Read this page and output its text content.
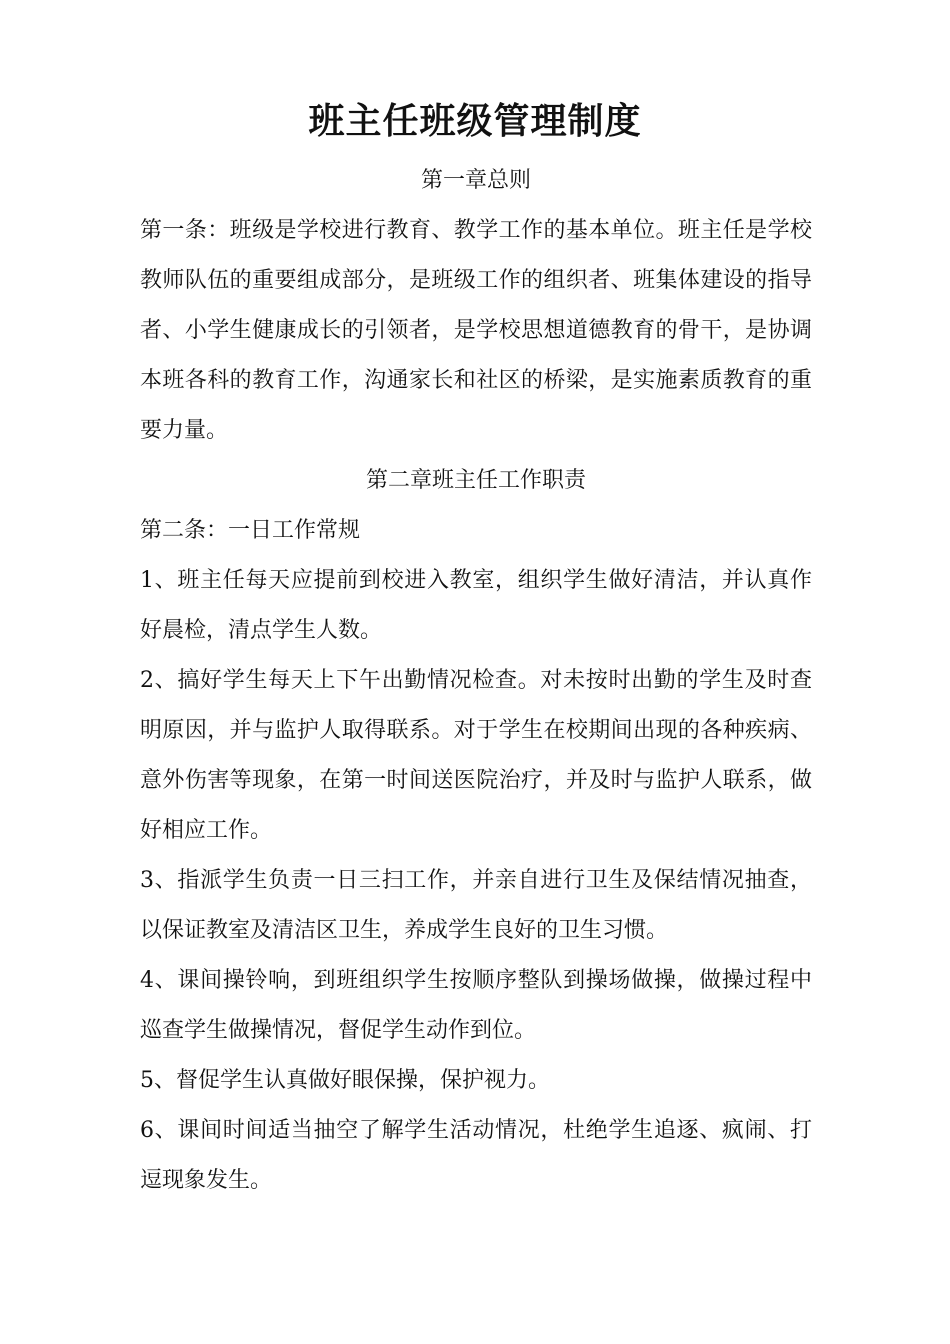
班主任班级管理制度

第一章总则

第一条：班级是学校进行教育、教学工作的基本单位。班主任是学校教师队伍的重要组成部分，是班级工作的组织者、班集体建设的指导者、小学生健康成长的引领者，是学校思想道德教育的骨干，是协调本班各科的教育工作，沟通家长和社区的桥梁，是实施素质教育的重要力量。

第二章班主任工作职责

第二条：一日工作常规

1、班主任每天应提前到校进入教室，组织学生做好清洁，并认真作好晨检，清点学生人数。

2、搞好学生每天上下午出勤情况检查。对未按时出勤的学生及时查明原因，并与监护人取得联系。对于学生在校期间出现的各种疾病、意外伤害等现象，在第一时间送医院治疗，并及时与监护人联系，做好相应工作。

3、指派学生负责一日三扫工作，并亲自进行卫生及保结情况抽查，以保证教室及清洁区卫生，养成学生良好的卫生习惯。

4、课间操铃响，到班组织学生按顺序整队到操场做操，做操过程中巡查学生做操情况，督促学生动作到位。

5、督促学生认真做好眼保操，保护视力。

6、课间时间适当抽空了解学生活动情况，杜绝学生追逐、疯闹、打逗现象发生。
